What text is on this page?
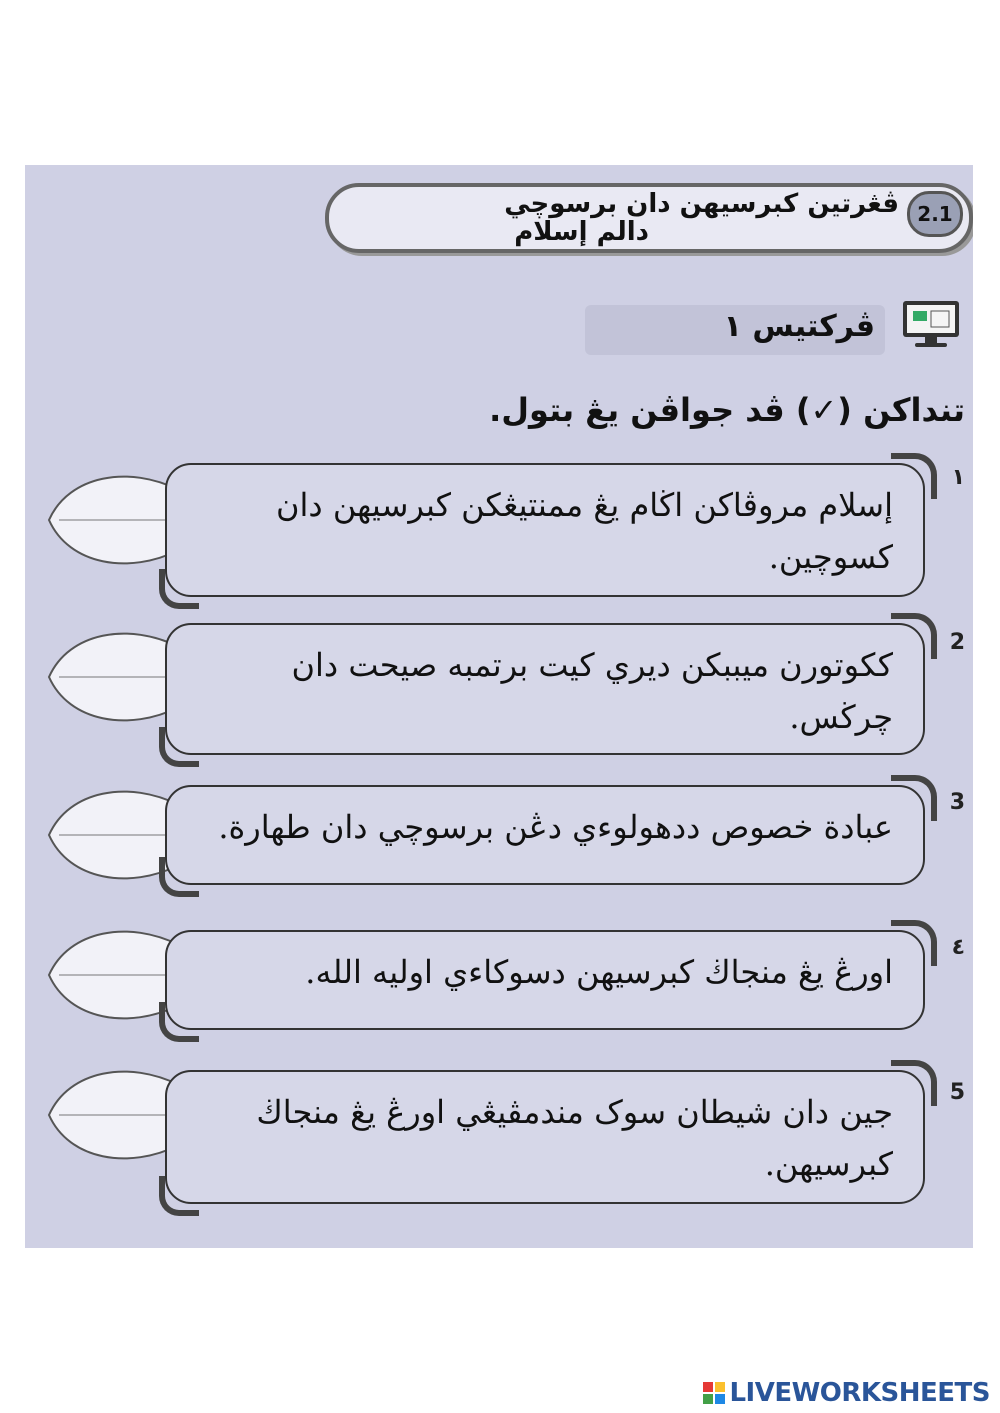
2.1
ڤڠرتين كبرسيهن دان برسوچي
دالم إسلام
ڤركتيس ١
تنداكن (✓) ڤد جواڤن يڠ بتول.
١
إسلام مروڤاكن اڬام يڠ ممنتيڠكن كبرسيهن دان كسوچين.
2
ككوتورن ميببكن ديري كيت برتمبه صيحت دان چرڬس.
3
عبادة خصوص ددهولوءي دڠن برسوچي دان طهارة.
٤
اورڠ يڠ منجاڬ كبرسيهن دسوكاءي اوليه الله.
5
جين دان شيطان سوک مندمڤيڠي اورڠ يڠ منجاڬ كبرسيهن.
LIVEWORKSHEETS
